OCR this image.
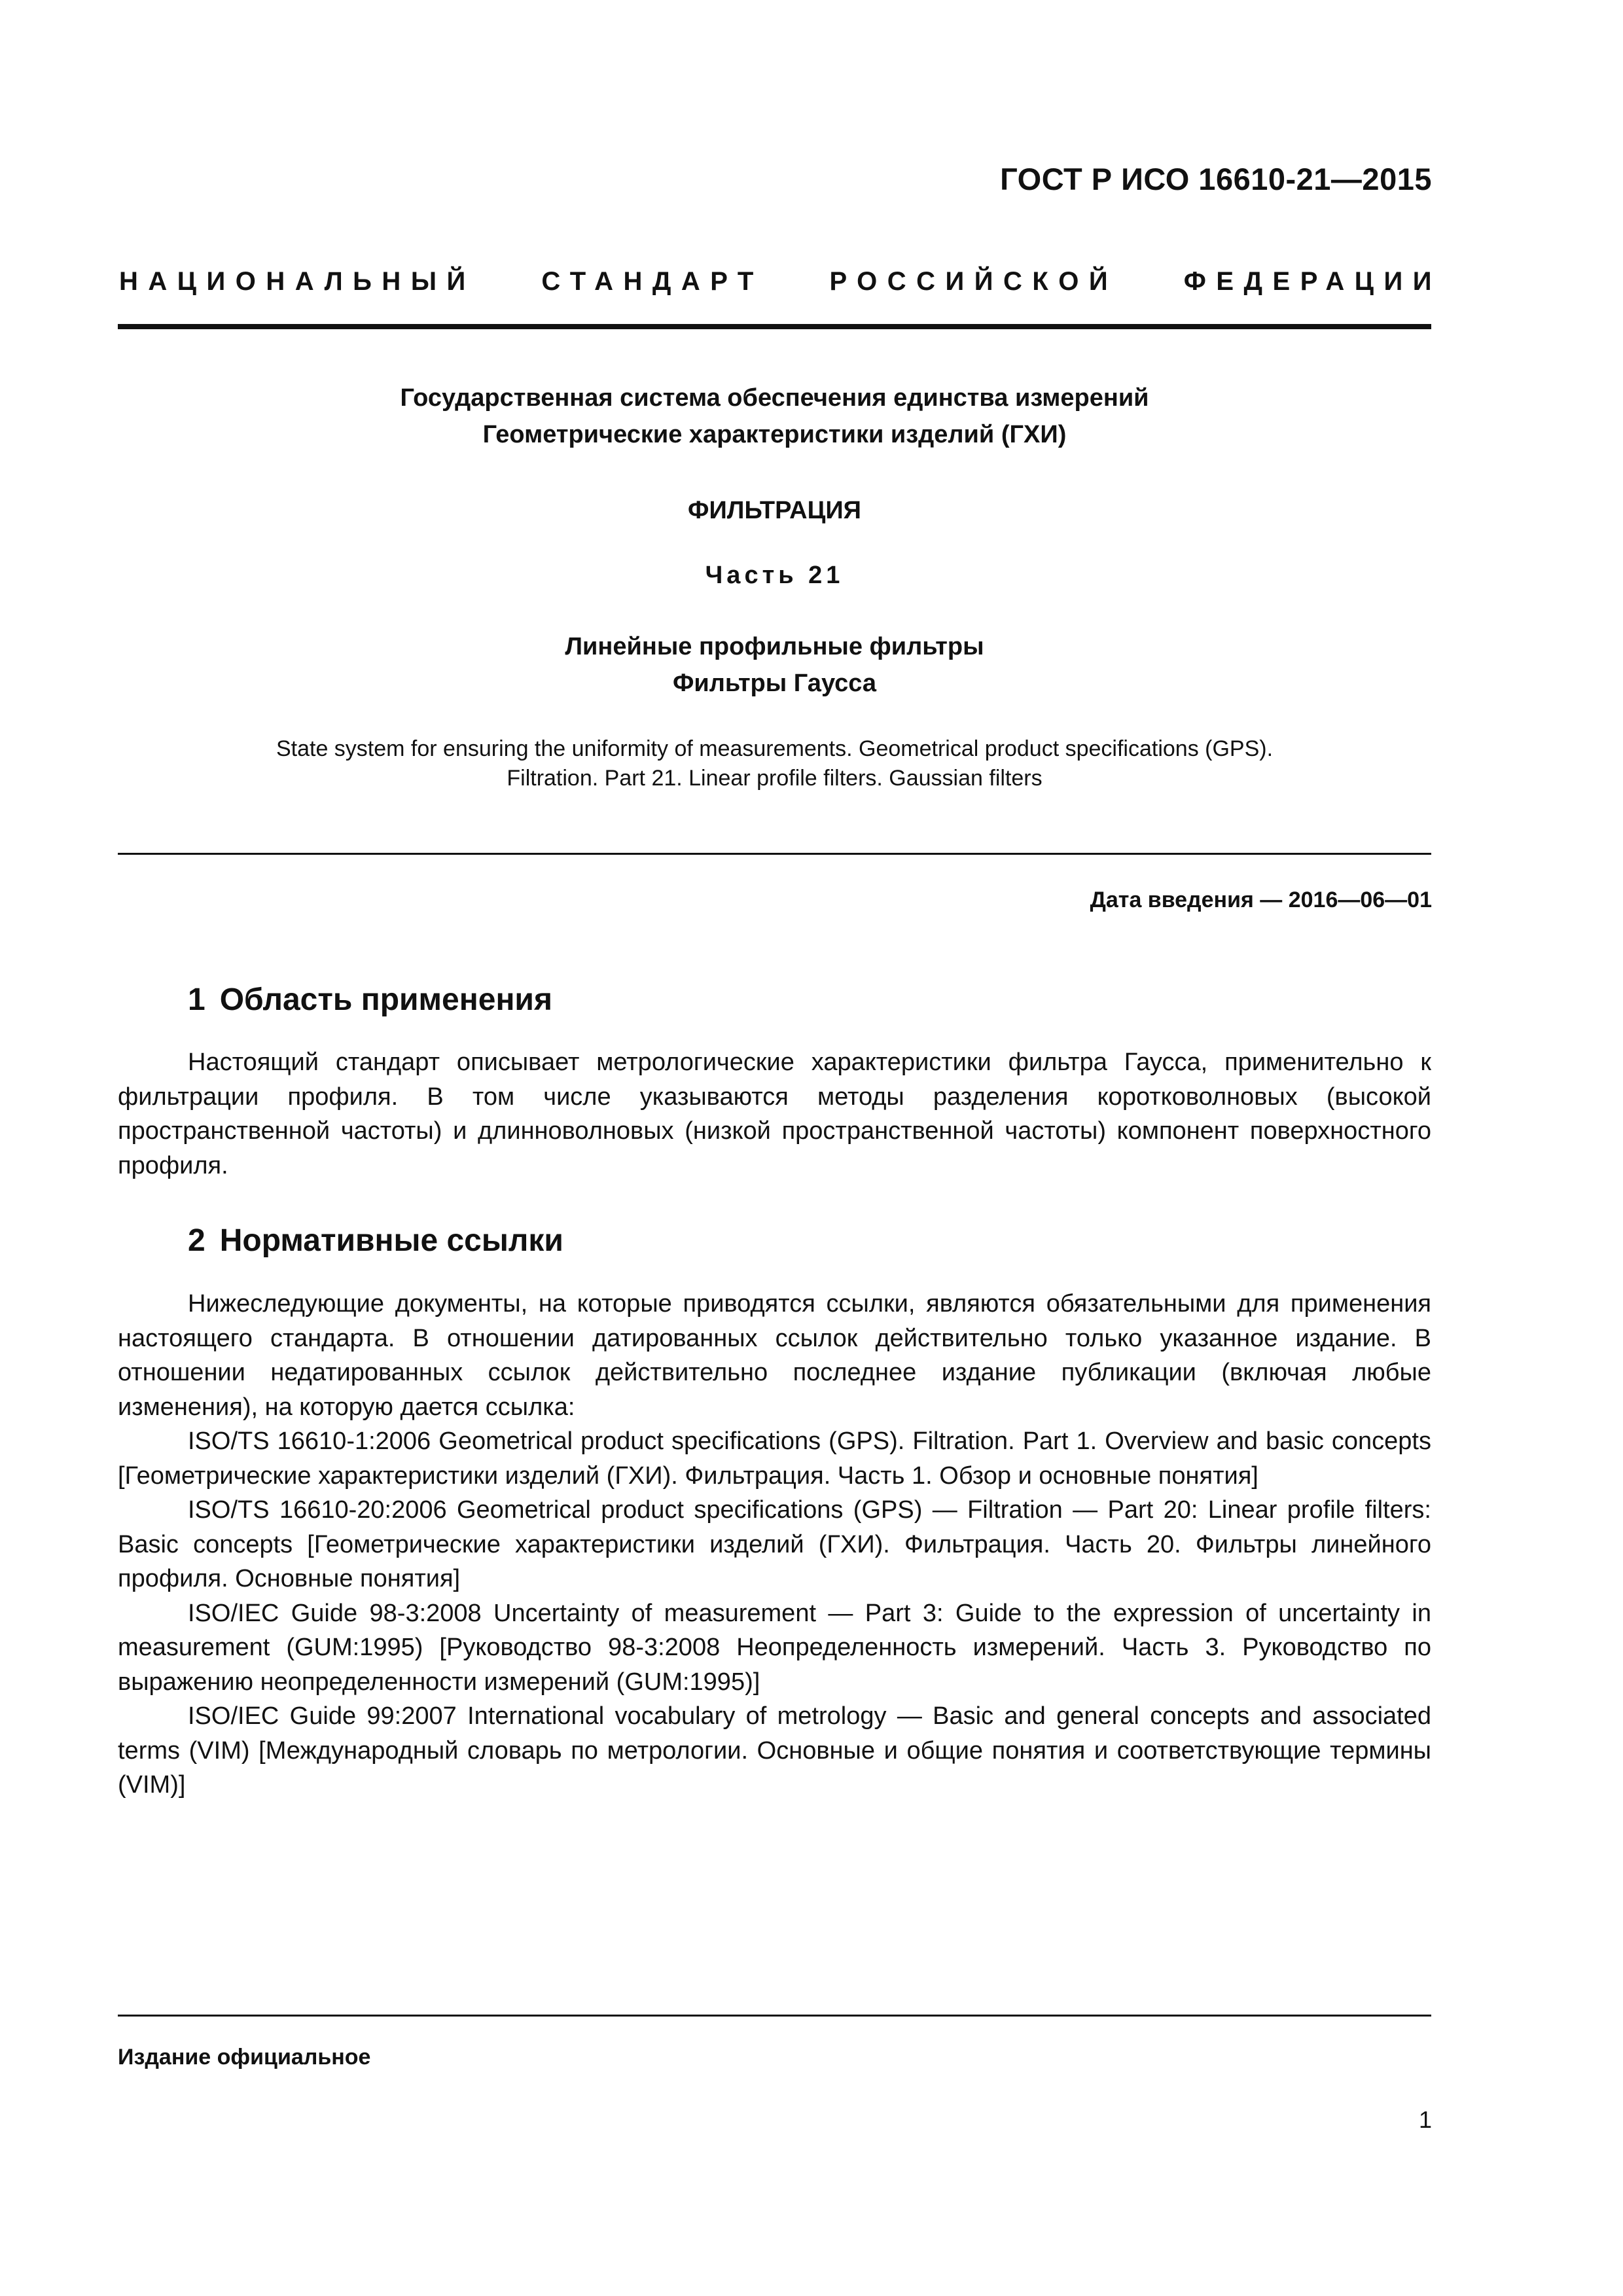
ГОСТ Р ИСО 16610-21—2015
НАЦИОНАЛЬНЫЙ	СТАНДАРТ	РОССИЙСКОЙ	ФЕДЕРАЦИИ
Государственная система обеспечения единства измерений
Геометрические характеристики изделий (ГХИ)
ФИЛЬТРАЦИЯ
Часть 21
Линейные профильные фильтры
Фильтры Гаусса
State system for ensuring the uniformity of measurements. Geometrical product specifications (GPS).
Filtration. Part 21. Linear profile filters. Gaussian filters
Дата введения — 2016—06—01
1 Область применения

Настоящий стандарт описывает метрологические характеристики фильтра Гаусса, применительно к фильтрации профиля. В том числе указываются методы разделения коротковолновых (высокой пространственной частоты) и длинноволновых (низкой пространственной частоты) компонент поверхностного профиля.

2 Нормативные ссылки

Нижеследующие документы, на которые приводятся ссылки, являются обязательными для применения настоящего стандарта. В отношении датированных ссылок действительно только указанное издание. В отношении недатированных ссылок действительно последнее издание публикации (включая любые изменения), на которую дается ссылка:

ISO/TS 16610-1:2006 Geometrical product specifications (GPS). Filtration. Part 1. Overview and basic concepts [Геометрические характеристики изделий (ГХИ). Фильтрация. Часть 1. Обзор и основные понятия]

ISO/TS 16610-20:2006 Geometrical product specifications (GPS) — Filtration — Part 20: Linear profile filters: Basic concepts [Геометрические характеристики изделий (ГХИ). Фильтрация. Часть 20. Фильтры линейного профиля. Основные понятия]

ISO/IEC Guide 98-3:2008 Uncertainty of measurement — Part 3: Guide to the expression of uncertainty in measurement (GUM:1995) [Руководство 98-3:2008 Неопределенность измерений. Часть 3. Руководство по выражению неопределенности измерений (GUM:1995)]

ISO/IEC Guide 99:2007 International vocabulary of metrology — Basic and general concepts and associated terms (VIM) [Международный словарь по метрологии. Основные и общие понятия и соответствующие термины (VIM)]

Издание официальное
1
